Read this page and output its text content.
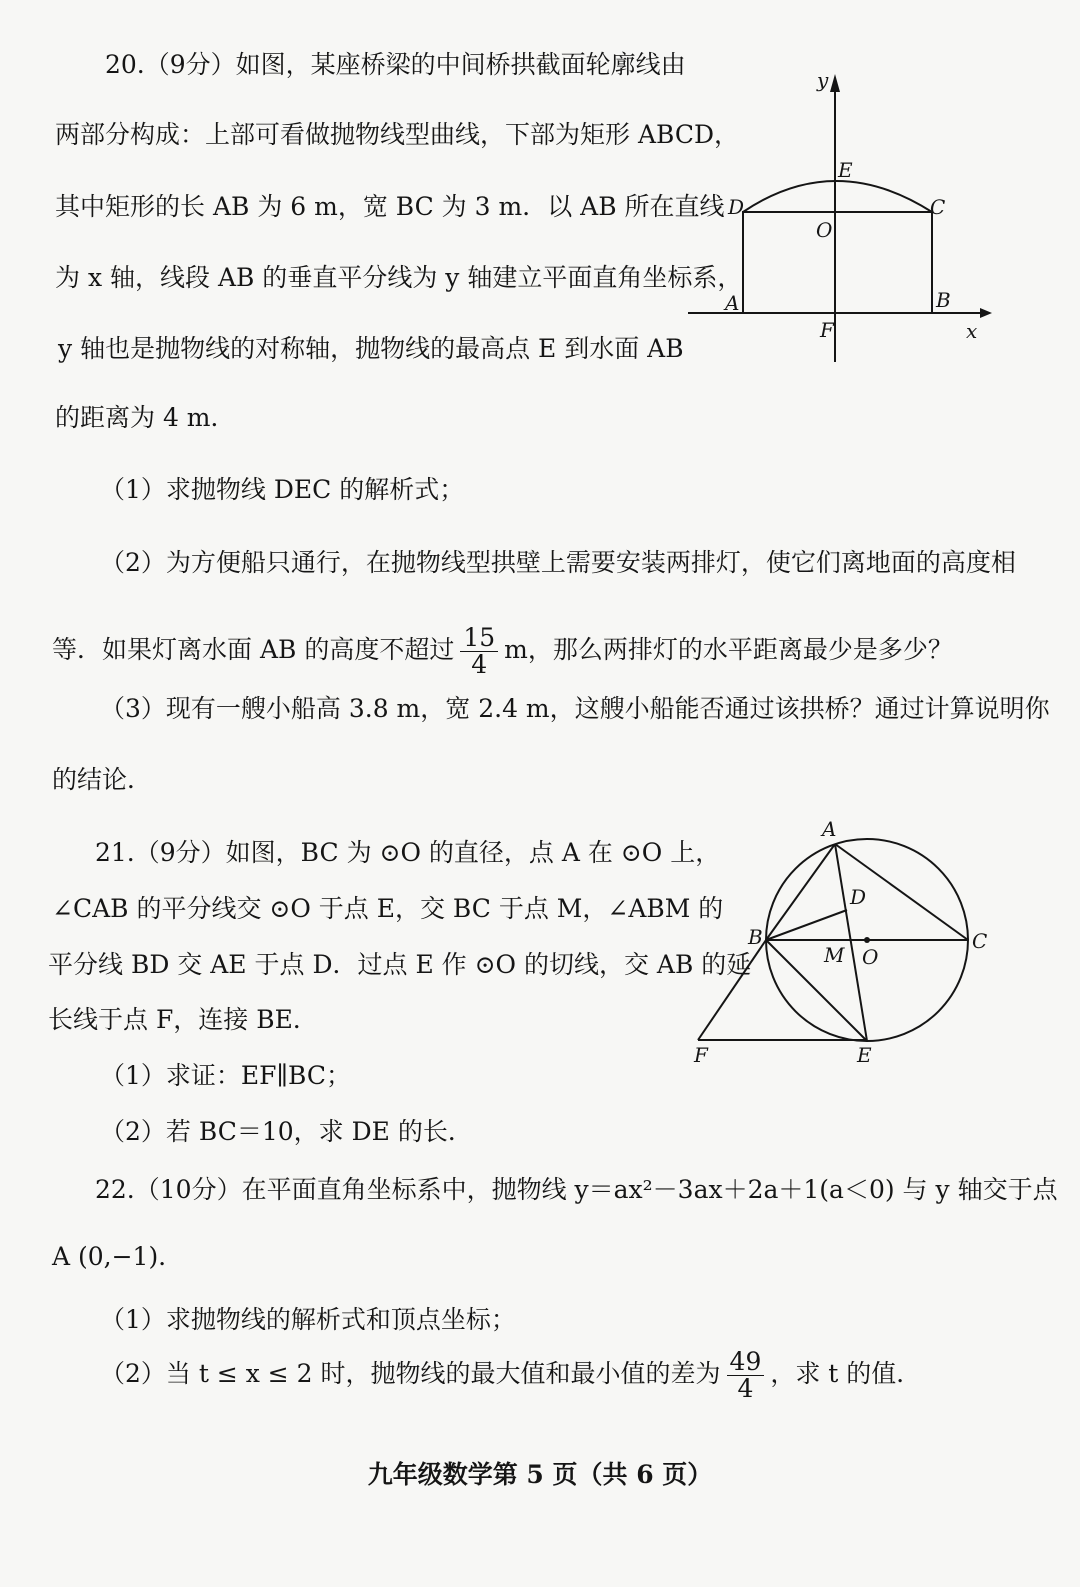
20.（9分）如图，某座桥梁的中间桥拱截面轮廓线由
两部分构成：上部可看做抛物线型曲线，下部为矩形 ABCD，
其中矩形的长 AB 为 6 m，宽 BC 为 3 m．以 AB 所在直线
为 x 轴，线段 AB 的垂直平分线为 y 轴建立平面直角坐标系，
y 轴也是抛物线的对称轴，抛物线的最高点 E 到水面 AB
的距离为 4 m．
（1）求抛物线 DEC 的解析式；
（2）为方便船只通行，在抛物线型拱壁上需要安装两排灯，使它们离地面的高度相
等．如果灯离水面 AB 的高度不超过 $\frac{15}{4}$ m，那么两排灯的水平距离最少是多少？
（3）现有一艘小船高 3.8 m，宽 2.4 m，这艘小船能否通过该拱桥？通过计算说明你
的结论．
y
E
D	C
O
A	B
F	x
21.（9分）如图，BC 为 ⊙O 的直径，点 A 在 ⊙O 上，
∠CAB 的平分线交 ⊙O 于点 E，交 BC 于点 M，∠ABM 的
平分线 BD 交 AE 于点 D．过点 E 作 ⊙O 的切线，交 AB 的延
长线于点 F，连接 BE．
（1）求证：EF∥BC；
（2）若 BC＝10，求 DE 的长．
A
D
B	C
M O
F	E
22.（10分）在平面直角坐标系中，抛物线 y＝ax²－3ax＋2a＋1(a＜0) 与 y 轴交于点
A (0,−1)．
（1）求抛物线的解析式和顶点坐标；
（2）当 t ≤ x ≤ 2 时，抛物线的最大值和最小值的差为 $\frac{49}{4}$ ，求 t 的值．
九年级数学第 5 页（共 6 页）
